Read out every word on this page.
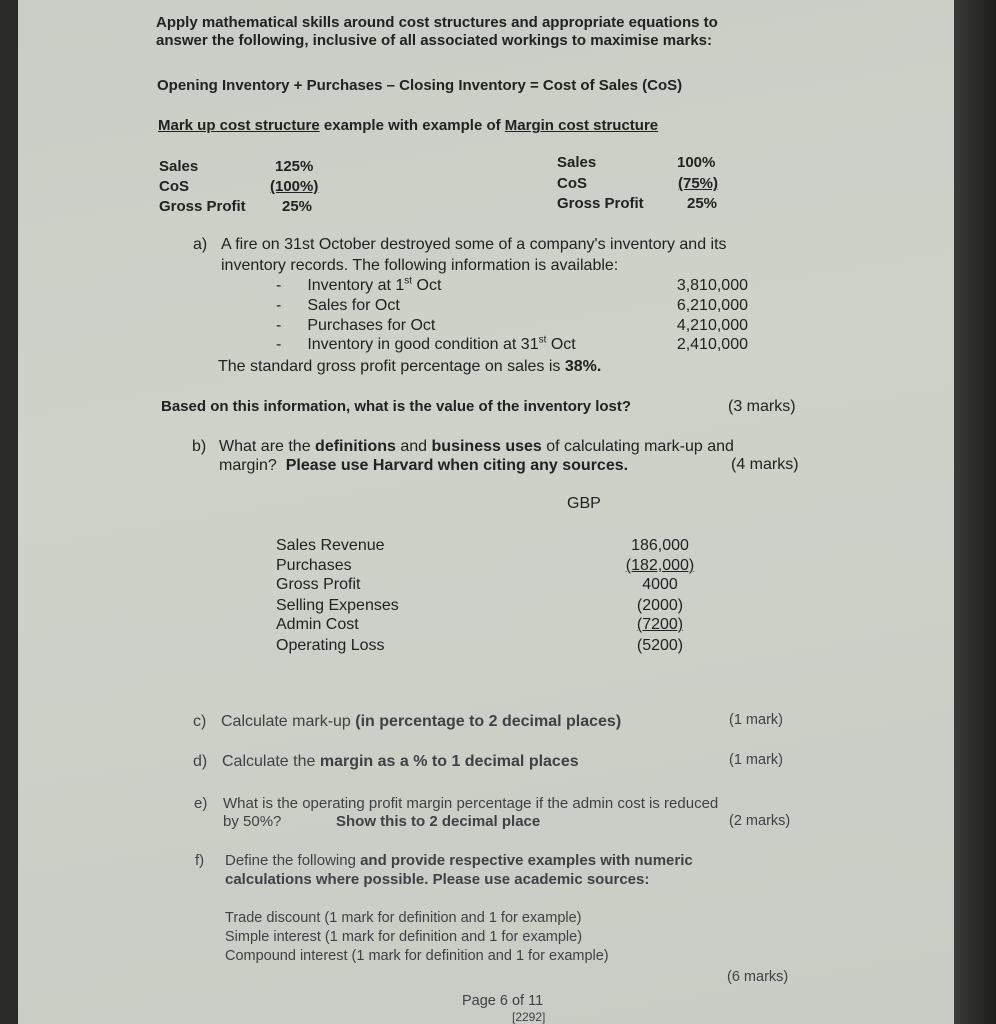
Apply mathematical skills around cost structures and appropriate equations to
answer the following, inclusive of all associated workings to maximise marks:
Opening Inventory + Purchases – Closing Inventory = Cost of Sales (CoS)
Mark up cost structure example with example of Margin cost structure
Sales	125%
CoS	(100%)
Gross Profit 25%
Sales	100%
CoS	(75%)
Gross Profit	25%
a) A fire on 31st October destroyed some of a company's inventory and its
inventory records. The following information is available:
- Inventory at 1st Oct	3,810,000
- Sales for Oct	6,210,000
- Purchases for Oct	4,210,000
- Inventory in good condition at 31st Oct	2,410,000
The standard gross profit percentage on sales is 38%.
Based on this information, what is the value of the inventory lost?	(3 marks)
b) What are the definitions and business uses of calculating mark-up and
margin?  Please use Harvard when citing any sources.	(4 marks)
GBP
Sales Revenue	186,000
Purchases	(182,000)
Gross Profit	4000
Selling Expenses	(2000)
Admin Cost	(7200)
Operating Loss	(5200)
c) Calculate mark-up (in percentage to 2 decimal places)	(1 mark)
d) Calculate the margin as a % to 1 decimal places	(1 mark)
e) What is the operating profit margin percentage if the admin cost is reduced
by 50%?	Show this to 2 decimal place	(2 marks)
f) Define the following and provide respective examples with numeric
calculations where possible. Please use academic sources:
Trade discount (1 mark for definition and 1 for example)
Simple interest (1 mark for definition and 1 for example)
Compound interest (1 mark for definition and 1 for example)
(6 marks)
Page 6 of 11
[2292]
